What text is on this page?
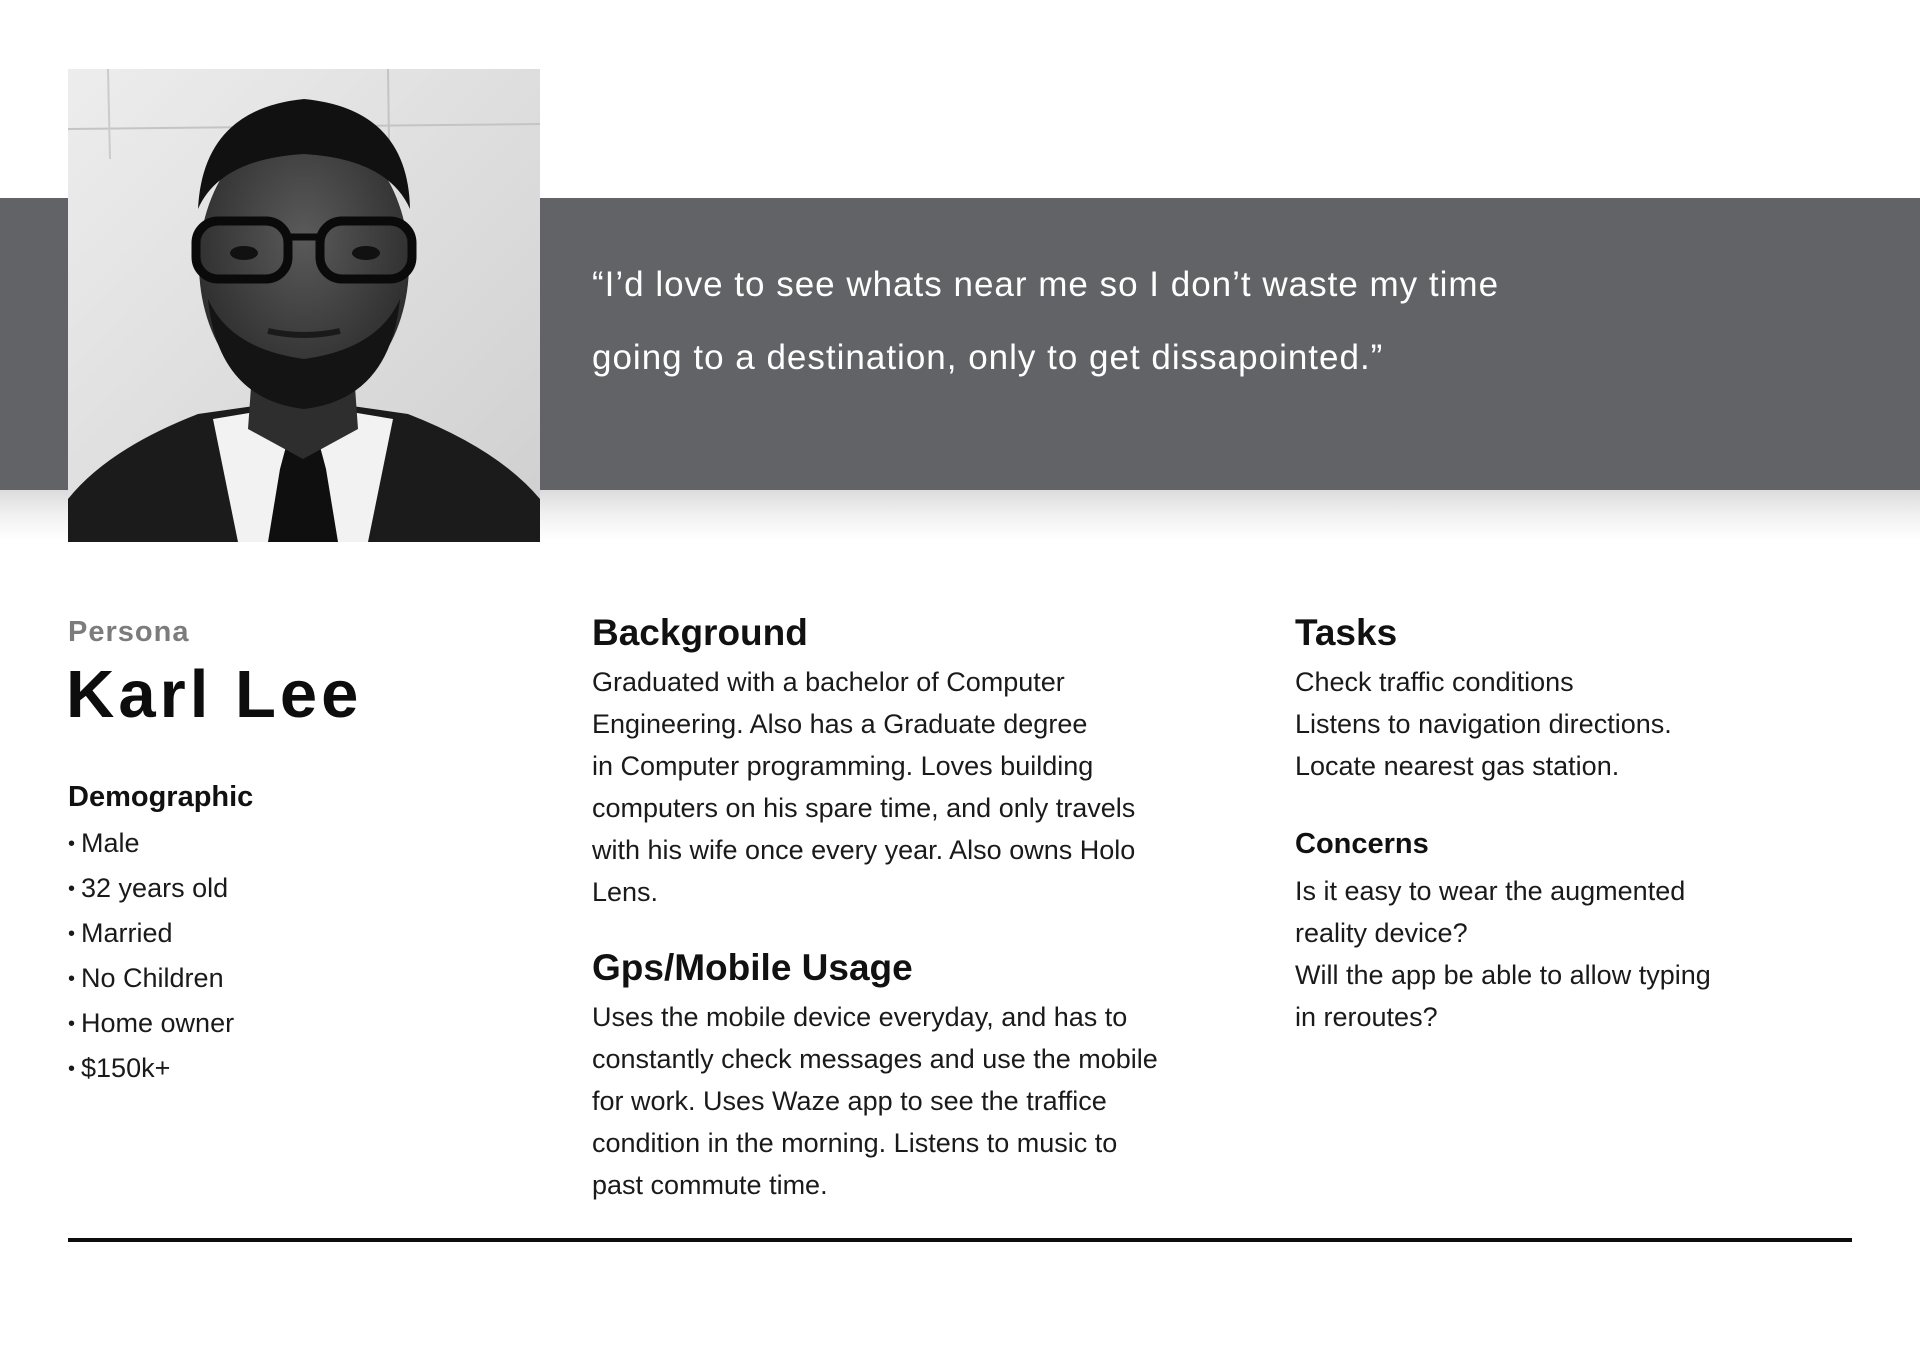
“I’d love to see whats near me so I don’t waste my time
going to a destination, only to get dissapointed.”

Persona
Karl Lee
Demographic
• Male
• 32 years old
• Married
• No Children
• Home owner
• $150k+
Background

Graduated with a bachelor of Computer
Engineering. Also has a Graduate degree
in Computer programming. Loves building
computers on his spare time, and only travels
with his wife once every year. Also owns Holo
Lens.

Gps/Mobile Usage

Uses the mobile device everyday, and has to
constantly check messages and use the mobile
for work. Uses Waze app to see the traffice
condition in the morning. Listens to music to
past commute time.

Tasks

Check traffic conditions
Listens to navigation directions.
Locate nearest gas station.

Concerns

Is it easy to wear the augmented
reality device?
Will the app be able to allow typing
in reroutes?
